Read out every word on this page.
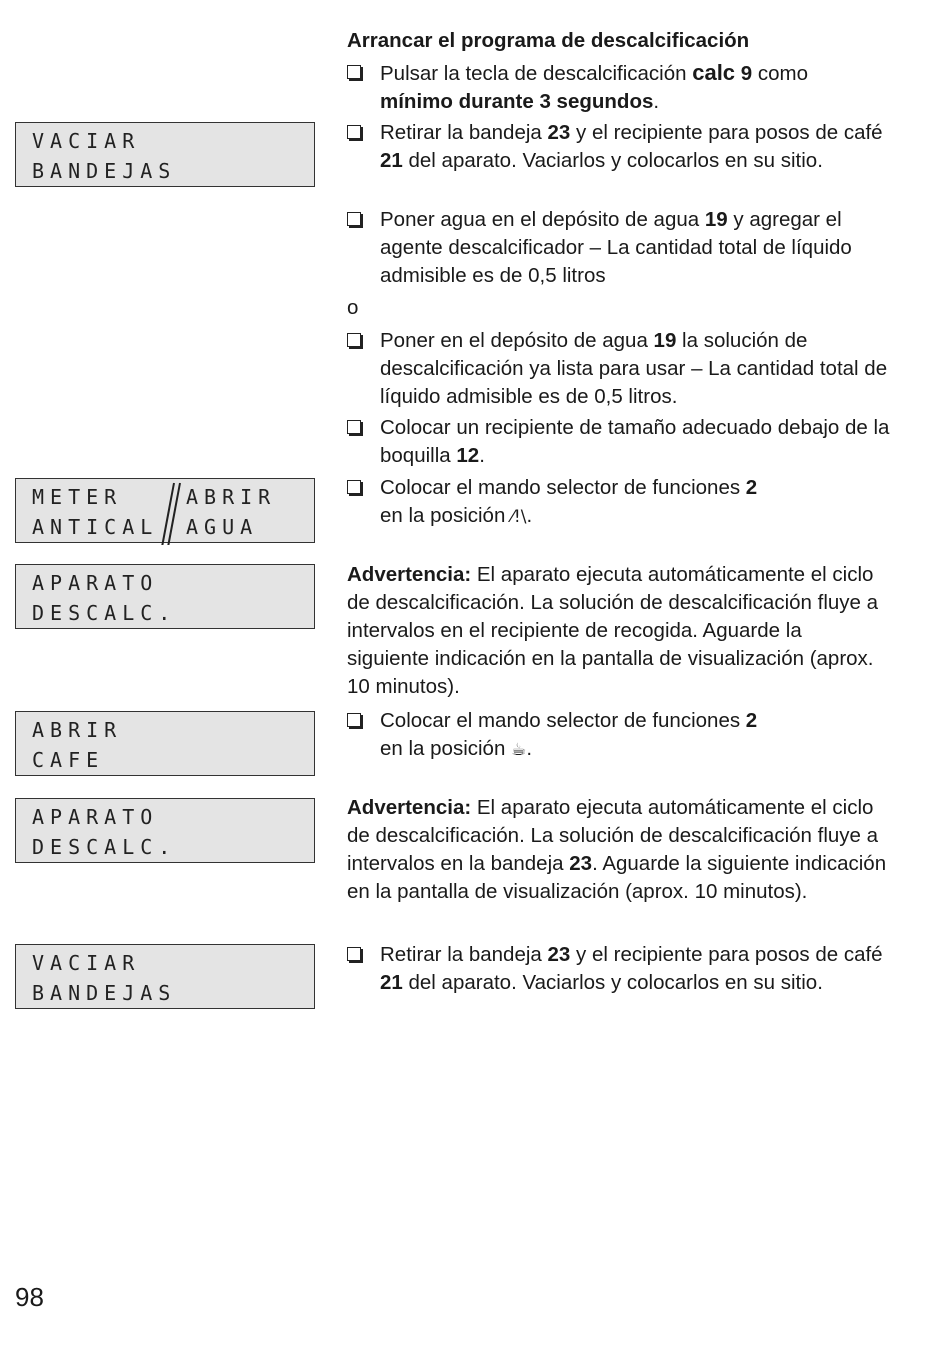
VACIAR
BANDEJAS
METER
ANTICAL
ABRIR
AGUA
APARATO
DESCALC.
ABRIR
CAFE
APARATO
DESCALC.
VACIAR
BANDEJAS
Arrancar el programa de descalcificación
Pulsar la tecla de descalcificación calc 9 como
mínimo durante 3 segundos.
Retirar la bandeja 23 y el recipiente para posos de café 21 del aparato. Vaciarlos y colocarlos en su sitio.
Poner agua en el depósito de agua 19 y agregar el agente descalcificador – La cantidad total de líquido admisible es de 0,5 litros
o
Poner en el depósito de agua 19 la solución de descalcificación ya lista para usar – La cantidad total de líquido admisible es de 0,5 litros.
Colocar un recipiente de tamaño adecuado debajo de la boquilla 12.
Colocar el mando selector de funciones 2
en la posición ⁄!\.
Advertencia: El aparato ejecuta automáticamente el ciclo de descalcificación. La solución de descalcificación fluye a intervalos en el recipiente de recogida. Aguarde la siguiente indicación en la pantalla de visualización (aprox. 10 minutos).
Colocar el mando selector de funciones 2
en la posición ☕.
Advertencia: El aparato ejecuta automáticamente el ciclo de descalcificación. La solución de descalcificación fluye a intervalos en la bandeja 23. Aguarde la siguiente indicación en la pantalla de visualización (aprox. 10 minutos).
Retirar la bandeja 23 y el recipiente para posos de café 21 del aparato. Vaciarlos y colocarlos en su sitio.
98
